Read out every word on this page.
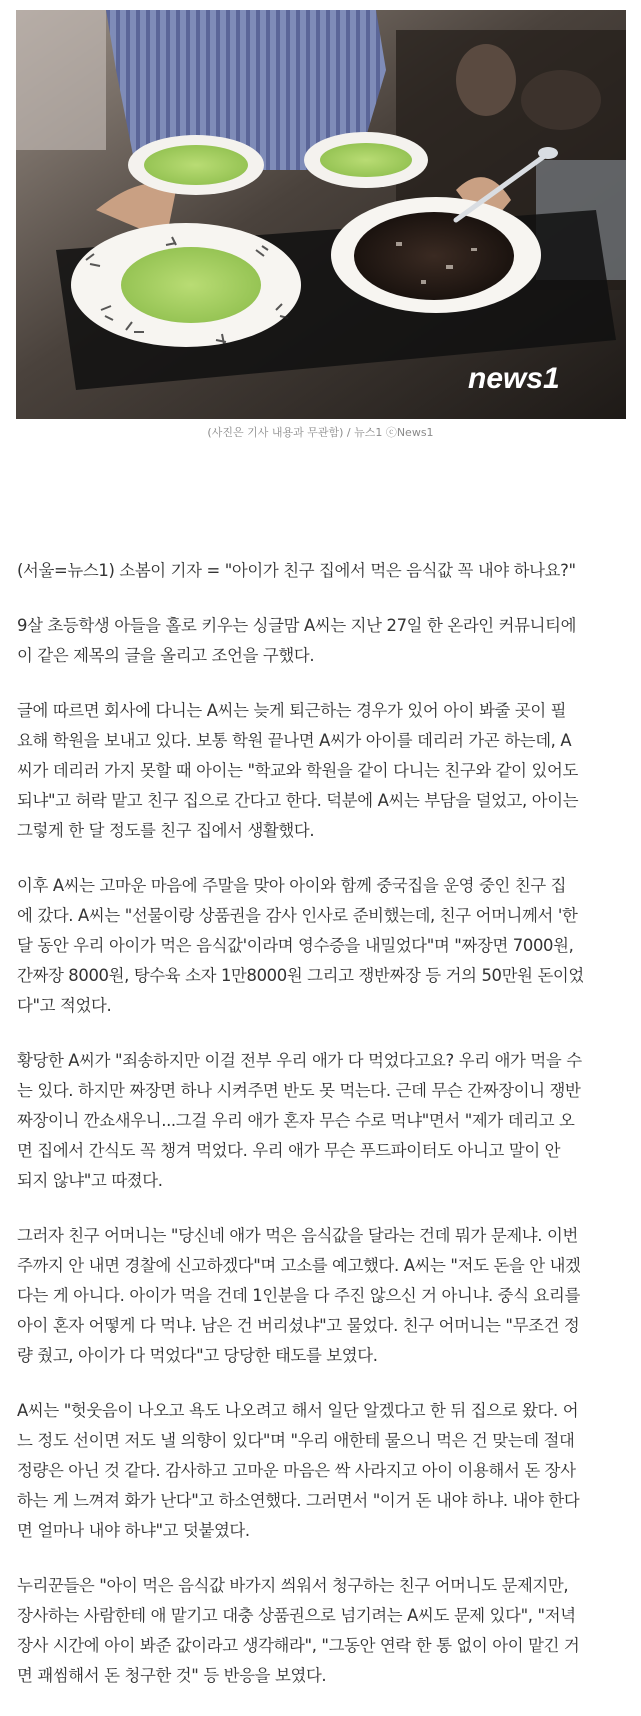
news1
(사진은 기사 내용과 무관함) / 뉴스1 ⓒNews1

(서울=뉴스1) 소봄이 기자 = "아이가 친구 집에서 먹은 음식값 꼭 내야 하나요?"

9살 초등학생 아들을 홀로 키우는 싱글맘 A씨는 지난 27일 한 온라인 커뮤니티에
이 같은 제목의 글을 올리고 조언을 구했다.

글에 따르면 회사에 다니는 A씨는 늦게 퇴근하는 경우가 있어 아이 봐줄 곳이 필
요해 학원을 보내고 있다. 보통 학원 끝나면 A씨가 아이를 데리러 가곤 하는데, A
씨가 데리러 가지 못할 때 아이는 "학교와 학원을 같이 다니는 친구와 같이 있어도
되냐"고 허락 맡고 친구 집으로 간다고 한다. 덕분에 A씨는 부담을 덜었고, 아이는
그렇게 한 달 정도를 친구 집에서 생활했다.

이후 A씨는 고마운 마음에 주말을 맞아 아이와 함께 중국집을 운영 중인 친구 집
에 갔다. A씨는 "선물이랑 상품권을 감사 인사로 준비했는데, 친구 어머니께서 '한
달 동안 우리 아이가 먹은 음식값'이라며 영수증을 내밀었다"며 "짜장면 7000원,
간짜장 8000원, 탕수육 소자 1만8000원 그리고 쟁반짜장 등 거의 50만원 돈이었
다"고 적었다.

황당한 A씨가 "죄송하지만 이걸 전부 우리 애가 다 먹었다고요? 우리 애가 먹을 수
는 있다. 하지만 짜장면 하나 시켜주면 반도 못 먹는다. 근데 무슨 간짜장이니 쟁반
짜장이니 깐쇼새우니...그걸 우리 애가 혼자 무슨 수로 먹냐"면서 "제가 데리고 오
면 집에서 간식도 꼭 챙겨 먹었다. 우리 애가 무슨 푸드파이터도 아니고 말이 안
되지 않냐"고 따졌다.

그러자 친구 어머니는 "당신네 애가 먹은 음식값을 달라는 건데 뭐가 문제냐. 이번
주까지 안 내면 경찰에 신고하겠다"며 고소를 예고했다. A씨는 "저도 돈을 안 내겠
다는 게 아니다. 아이가 먹을 건데 1인분을 다 주진 않으신 거 아니냐. 중식 요리를
아이 혼자 어떻게 다 먹냐. 남은 건 버리셨냐"고 물었다. 친구 어머니는 "무조건 정
량 줬고, 아이가 다 먹었다"고 당당한 태도를 보였다.

A씨는 "헛웃음이 나오고 욕도 나오려고 해서 일단 알겠다고 한 뒤 집으로 왔다. 어
느 정도 선이면 저도 낼 의향이 있다"며 "우리 애한테 물으니 먹은 건 맞는데 절대
정량은 아닌 것 같다. 감사하고 고마운 마음은 싹 사라지고 아이 이용해서 돈 장사
하는 게 느껴져 화가 난다"고 하소연했다. 그러면서 "이거 돈 내야 하냐. 내야 한다
면 얼마나 내야 하냐"고 덧붙였다.

누리꾼들은 "아이 먹은 음식값 바가지 씌워서 청구하는 친구 어머니도 문제지만,
장사하는 사람한테 애 맡기고 대충 상품권으로 넘기려는 A씨도 문제 있다", "저녁
장사 시간에 아이 봐준 값이라고 생각해라", "그동안 연락 한 통 없이 아이 맡긴 거
면 괘씸해서 돈 청구한 것" 등 반응을 보였다.
